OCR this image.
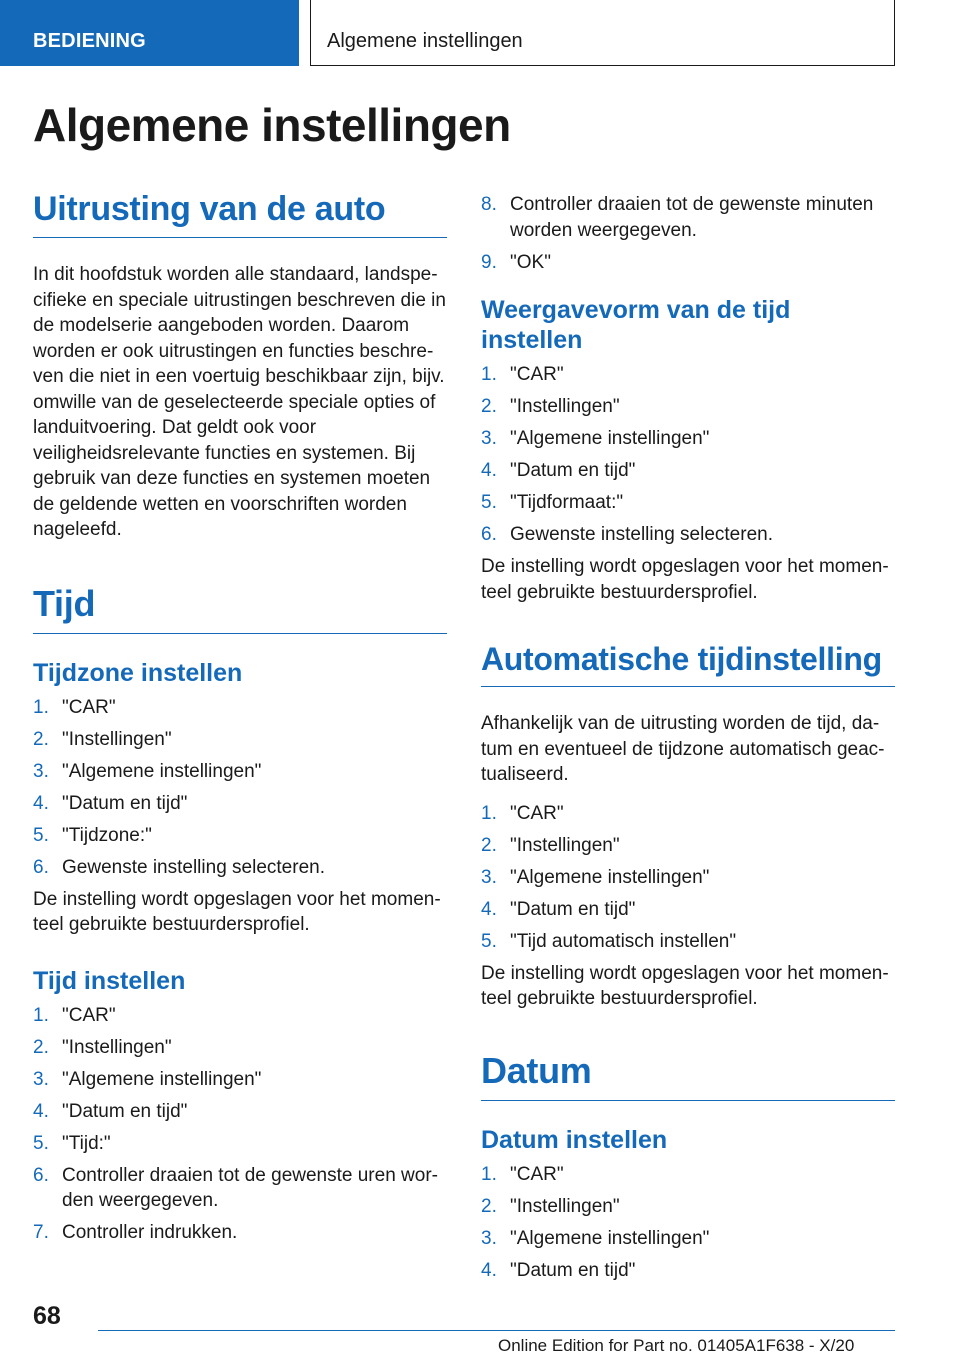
BEDIENING	Algemene instellingen
Algemene instellingen
Uitrusting van de auto

In dit hoofdstuk worden alle standaard, landspecifieke en speciale uitrustingen beschreven die in de modelserie aangeboden worden. Daarom worden er ook uitrustingen en functies beschreven die niet in een voertuig beschikbaar zijn, bijv. omwille van de geselecteerde speciale opties of landuitvoering. Dat geldt ook voor veiligheidsrelevante functies en systemen. Bij gebruik van deze functies en systemen moeten de geldende wetten en voorschriften worden nageleefd.

Tijd
Tijdzone instellen
1. "CAR"
2. "Instellingen"
3. "Algemene instellingen"
4. "Datum en tijd"
5. "Tijdzone:"
6. Gewenste instelling selecteren.

De instelling wordt opgeslagen voor het momenteel gebruikte bestuurdersprofiel.

Tijd instellen
1. "CAR"
2. "Instellingen"
3. "Algemene instellingen"
4. "Datum en tijd"
5. "Tijd:"
6. Controller draaien tot de gewenste uren worden weergegeven.
7. Controller indrukken.
8. Controller draaien tot de gewenste minuten worden weergegeven.
9. "OK"
Weergavevorm van de tijd instellen
1. "CAR"
2. "Instellingen"
3. "Algemene instellingen"
4. "Datum en tijd"
5. "Tijdformaat:"
6. Gewenste instelling selecteren.

De instelling wordt opgeslagen voor het momenteel gebruikte bestuurdersprofiel.

Automatische tijdinstelling

Afhankelijk van de uitrusting worden de tijd, datum en eventueel de tijdzone automatisch geactualiseerd.

1. "CAR"
2. "Instellingen"
3. "Algemene instellingen"
4. "Datum en tijd"
5. "Tijd automatisch instellen"

De instelling wordt opgeslagen voor het momenteel gebruikte bestuurdersprofiel.

Datum
Datum instellen
1. "CAR"
2. "Instellingen"
3. "Algemene instellingen"
4. "Datum en tijd"
68
Online Edition for Part no. 01405A1F638 - X/20
